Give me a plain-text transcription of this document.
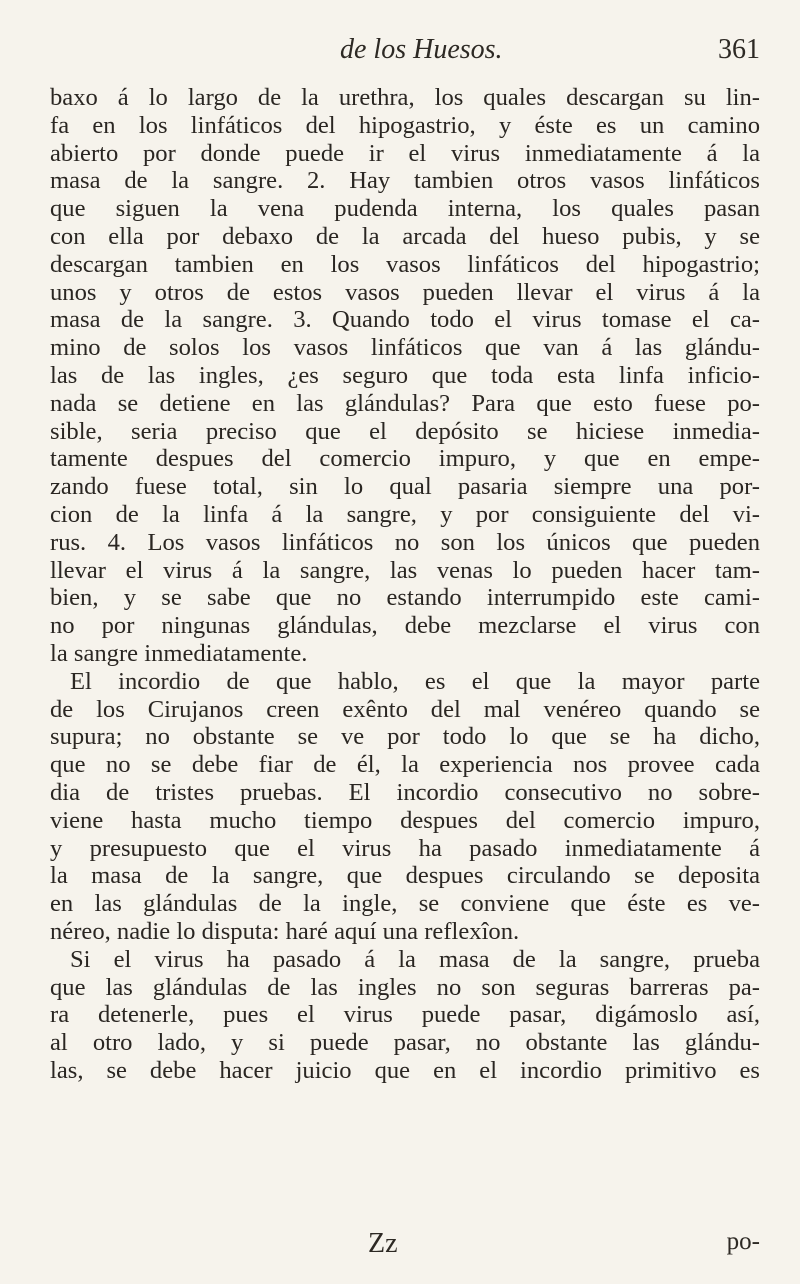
de los Huesos.	361
baxo á lo largo de la urethra, los quales descargan su lin-
fa en los linfáticos del hipogastrio, y éste es un camino
abierto por donde puede ir el virus inmediatamente á la
masa de la sangre. 2. Hay tambien otros vasos linfáticos
que siguen la vena pudenda interna, los quales pasan
con ella por debaxo de la arcada del hueso pubis, y se
descargan tambien en los vasos linfáticos del hipogastrio;
unos y otros de estos vasos pueden llevar el virus á la
masa de la sangre. 3. Quando todo el virus tomase el ca-
mino de solos los vasos linfáticos que van á las glándu-
las de las ingles, ¿es seguro que toda esta linfa inficio-
nada se detiene en las glándulas? Para que esto fuese po-
sible, seria preciso que el depósito se hiciese inmedia-
tamente despues del comercio impuro, y que en empe-
zando fuese total, sin lo qual pasaria siempre una por-
cion de la linfa á la sangre, y por consiguiente del vi-
rus. 4. Los vasos linfáticos no son los únicos que pueden
llevar el virus á la sangre, las venas lo pueden hacer tam-
bien, y se sabe que no estando interrumpido este cami-
no por ningunas glándulas, debe mezclarse el virus con
la sangre inmediatamente.
El incordio de que hablo, es el que la mayor parte
de los Cirujanos creen exênto del mal venéreo quando se
supura; no obstante se ve por todo lo que se ha dicho,
que no se debe fiar de él, la experiencia nos provee cada
dia de tristes pruebas. El incordio consecutivo no sobre-
viene hasta mucho tiempo despues del comercio impuro,
y presupuesto que el virus ha pasado inmediatamente á
la masa de la sangre, que despues circulando se deposita
en las glándulas de la ingle, se conviene que éste es ve-
néreo, nadie lo disputa: haré aquí una reflexîon.
Si el virus ha pasado á la masa de la sangre, prueba
que las glándulas de las ingles no son seguras barreras pa-
ra detenerle, pues el virus puede pasar, digámoslo así,
al otro lado, y si puede pasar, no obstante las glándu-
las, se debe hacer juicio que en el incordio primitivo es
Zz	po-
